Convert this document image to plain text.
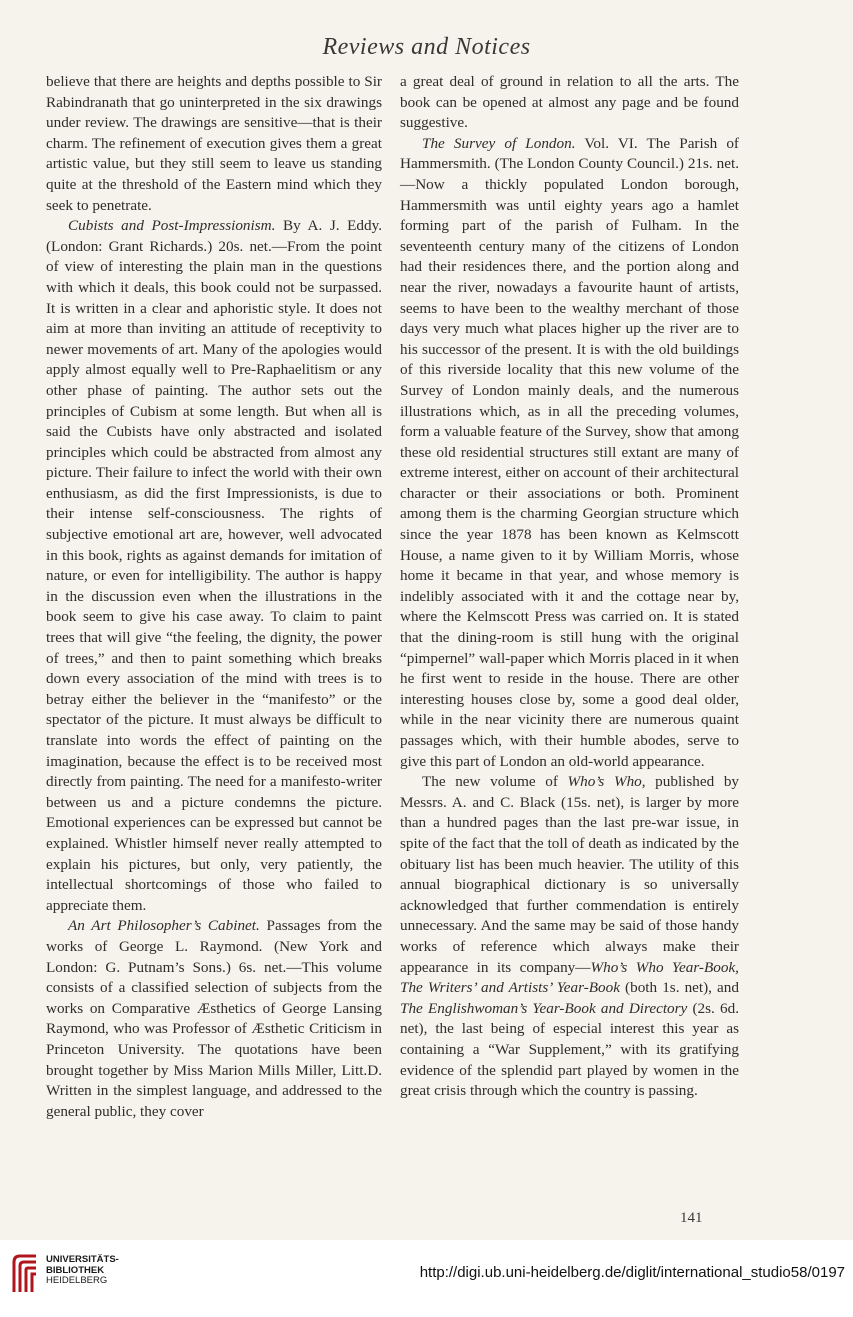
Reviews and Notices

believe that there are heights and depths possible to Sir Rabindranath that go uninterpreted in the six drawings under review. The drawings are sensitive—that is their charm. The refinement of execution gives them a great artistic value, but they still seem to leave us standing quite at the threshold of the Eastern mind which they seek to penetrate.

Cubists and Post-Impressionism. By A. J. Eddy. (London: Grant Richards.) 20s. net.—From the point of view of interesting the plain man in the questions with which it deals, this book could not be surpassed. It is written in a clear and aphoristic style. It does not aim at more than inviting an attitude of receptivity to newer movements of art. Many of the apologies would apply almost equally well to Pre-Raphaelitism or any other phase of painting. The author sets out the principles of Cubism at some length. But when all is said the Cubists have only abstracted and isolated principles which could be abstracted from almost any picture. Their failure to infect the world with their own enthusiasm, as did the first Impressionists, is due to their intense self-consciousness. The rights of subjective emotional art are, however, well advocated in this book, rights as against demands for imitation of nature, or even for intelligibility. The author is happy in the discussion even when the illustrations in the book seem to give his case away. To claim to paint trees that will give “the feeling, the dignity, the power of trees,” and then to paint something which breaks down every association of the mind with trees is to betray either the believer in the “manifesto” or the spectator of the picture. It must always be difficult to translate into words the effect of painting on the imagination, because the effect is to be received most directly from painting. The need for a manifesto-writer between us and a picture condemns the picture. Emotional experiences can be expressed but cannot be explained. Whistler himself never really attempted to explain his pictures, but only, very patiently, the intellectual shortcomings of those who failed to appreciate them.

An Art Philosopher’s Cabinet. Passages from the works of George L. Raymond. (New York and London: G. Putnam’s Sons.) 6s. net.—This volume consists of a classified selection of subjects from the works on Comparative Æsthetics of George Lansing Raymond, who was Professor of Æsthetic Criticism in Princeton University. The quotations have been brought together by Miss Marion Mills Miller, Litt.D. Written in the simplest language, and addressed to the general public, they cover

a great deal of ground in relation to all the arts. The book can be opened at almost any page and be found suggestive.

The Survey of London. Vol. VI. The Parish of Hammersmith. (The London County Council.) 21s. net.—Now a thickly populated London borough, Hammersmith was until eighty years ago a hamlet forming part of the parish of Fulham. In the seventeenth century many of the citizens of London had their residences there, and the portion along and near the river, nowadays a favourite haunt of artists, seems to have been to the wealthy merchant of those days very much what places higher up the river are to his successor of the present. It is with the old buildings of this riverside locality that this new volume of the Survey of London mainly deals, and the numerous illustrations which, as in all the preceding volumes, form a valuable feature of the Survey, show that among these old residential structures still extant are many of extreme interest, either on account of their architectural character or their associations or both. Prominent among them is the charming Georgian structure which since the year 1878 has been known as Kelmscott House, a name given to it by William Morris, whose home it became in that year, and whose memory is indelibly associated with it and the cottage near by, where the Kelmscott Press was carried on. It is stated that the dining-room is still hung with the original “pimpernel” wall-paper which Morris placed in it when he first went to reside in the house. There are other interesting houses close by, some a good deal older, while in the near vicinity there are numerous quaint passages which, with their humble abodes, serve to give this part of London an old-world appearance.

The new volume of Who’s Who, published by Messrs. A. and C. Black (15s. net), is larger by more than a hundred pages than the last pre-war issue, in spite of the fact that the toll of death as indicated by the obituary list has been much heavier. The utility of this annual biographical dictionary is so universally acknowledged that further commendation is entirely unnecessary. And the same may be said of those handy works of reference which always make their appearance in its company—Who’s Who Year-Book, The Writers’ and Artists’ Year-Book (both 1s. net), and The Englishwoman’s Year-Book and Directory (2s. 6d. net), the last being of especial interest this year as containing a “War Supplement,” with its gratifying evidence of the splendid part played by women in the great crisis through which the country is passing.

141
UNIVERSITÄTS-
BIBLIOTHEK
HEIDELBERG	http://digi.ub.uni-heidelberg.de/diglit/international_studio58/0197
